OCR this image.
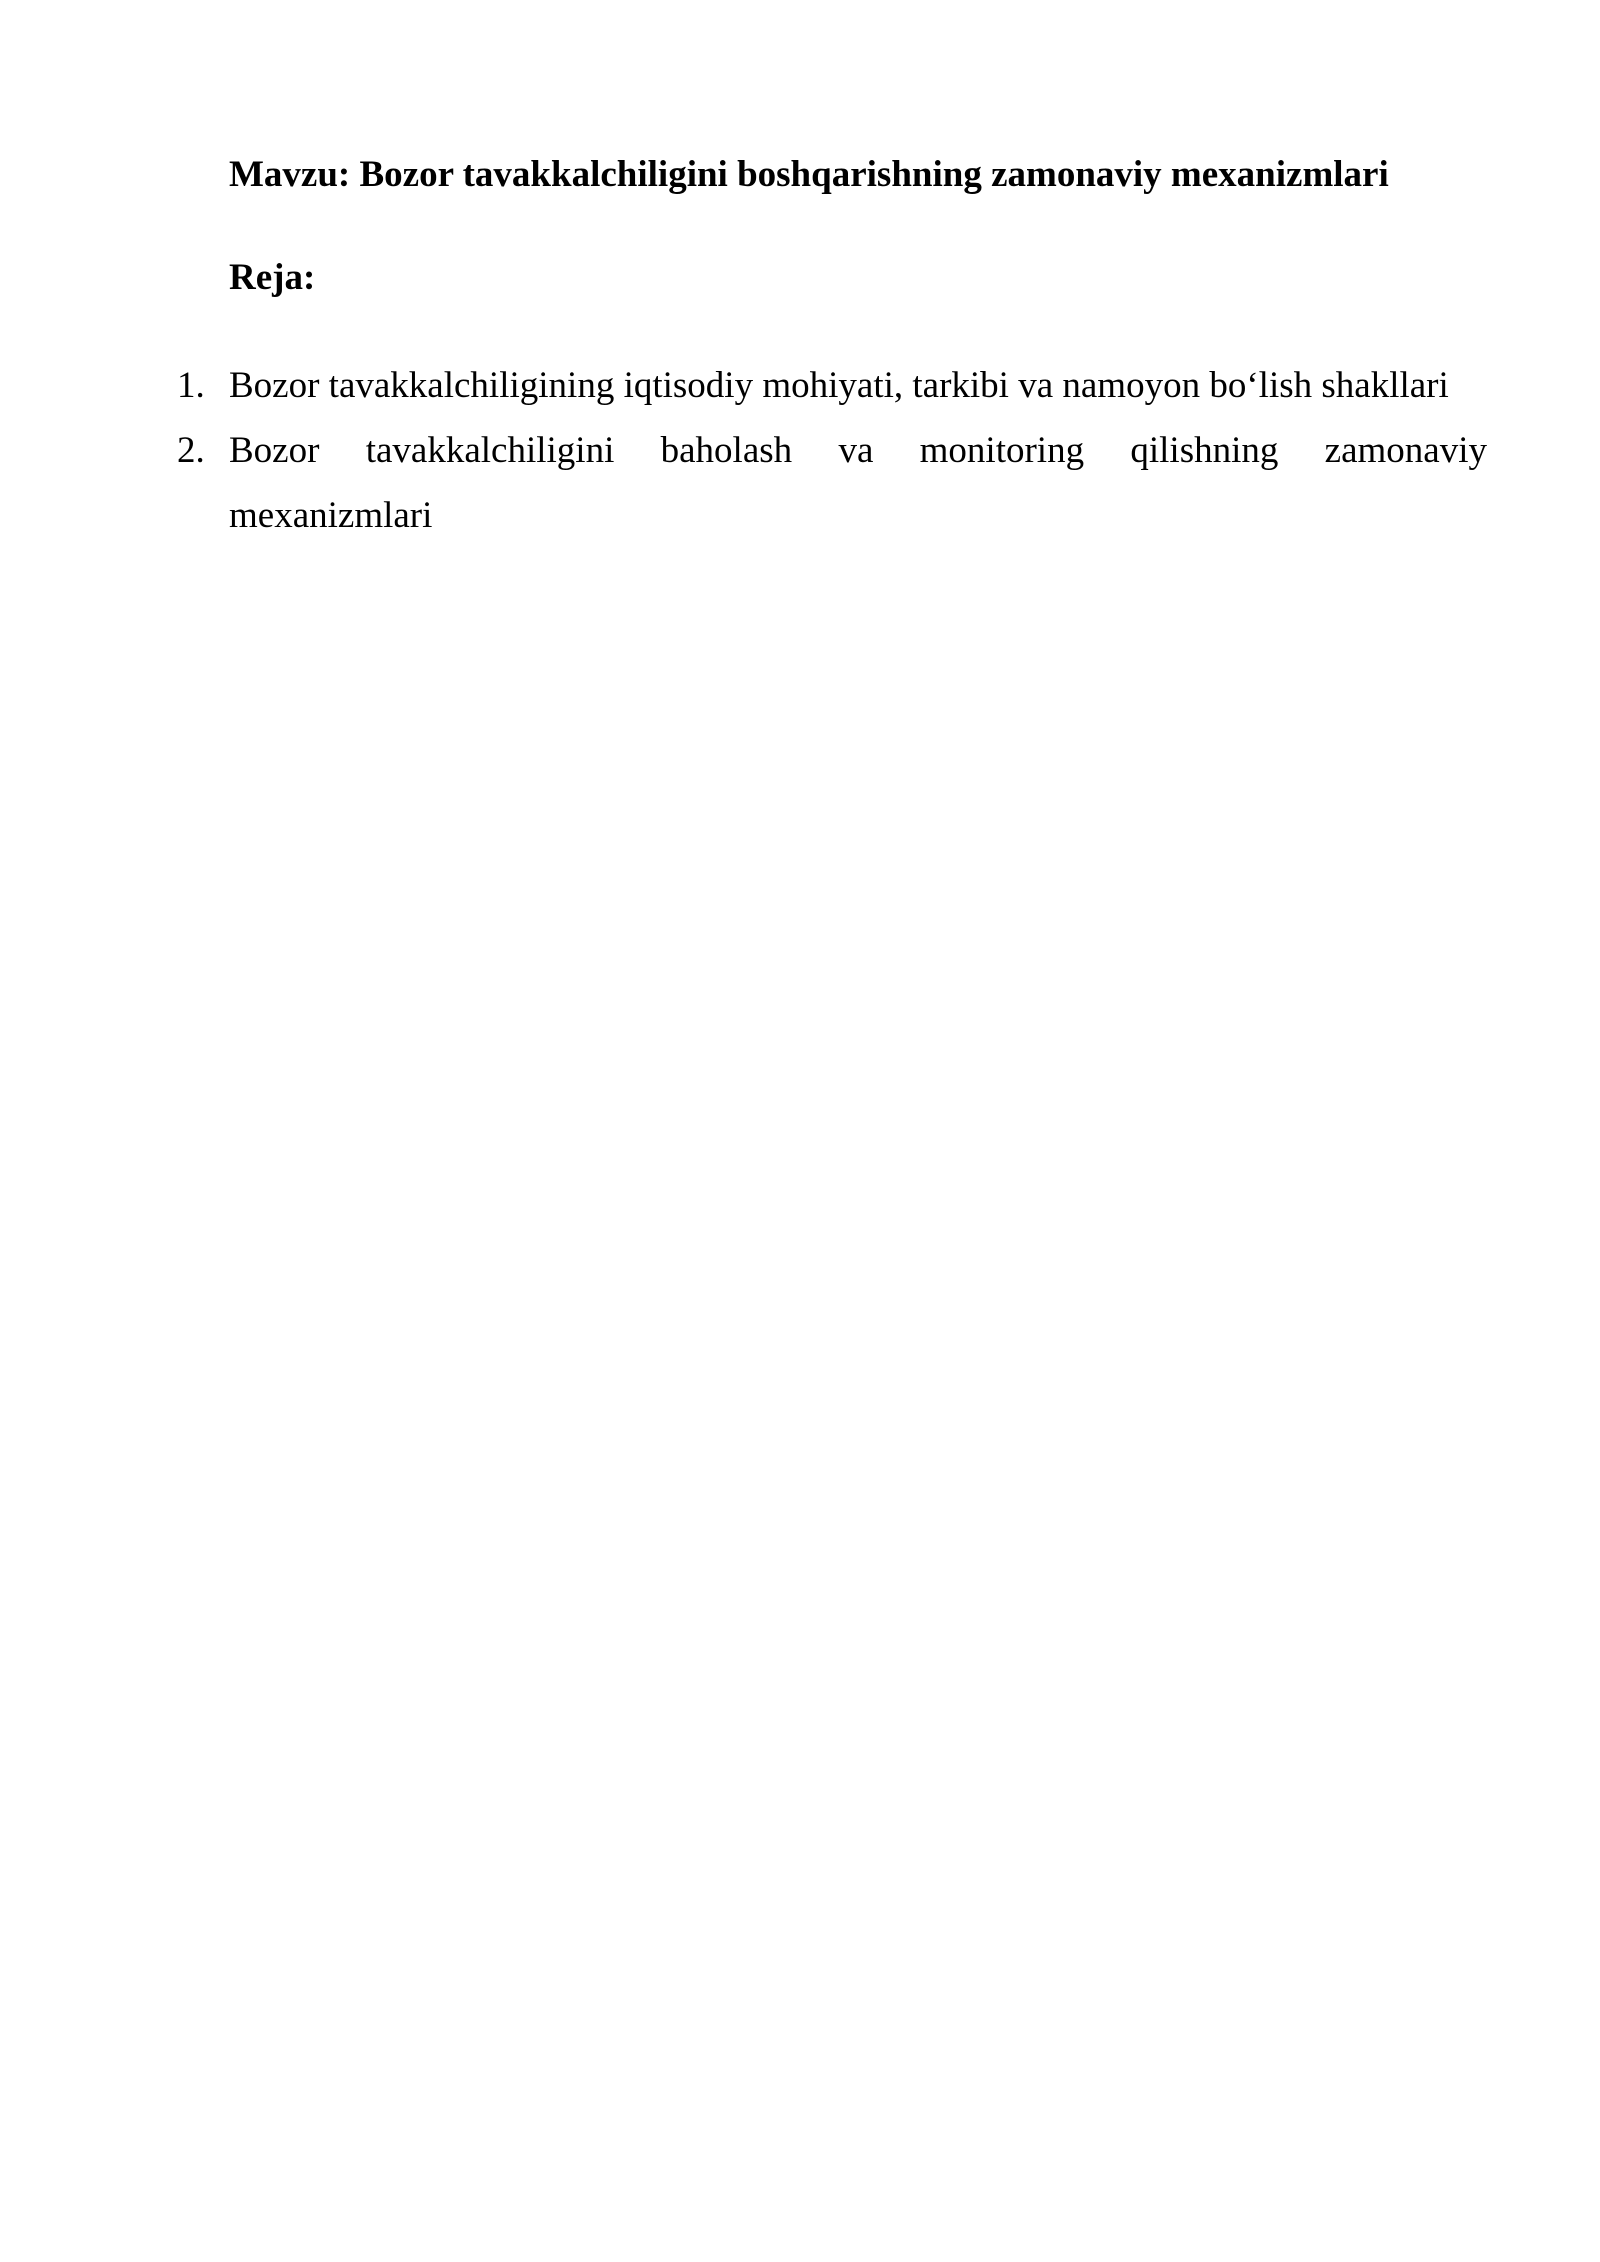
Mavzu: Bozor tavakkalchiligini boshqarishning zamonaviy mexanizmlari
Reja:
1. Bozor tavakkalchiligining iqtisodiy mohiyati, tarkibi va namoyon bo‘lish shakllari
2. Bozor tavakkalchiligini baholash va monitoring qilishning zamonaviy
mexanizmlari
